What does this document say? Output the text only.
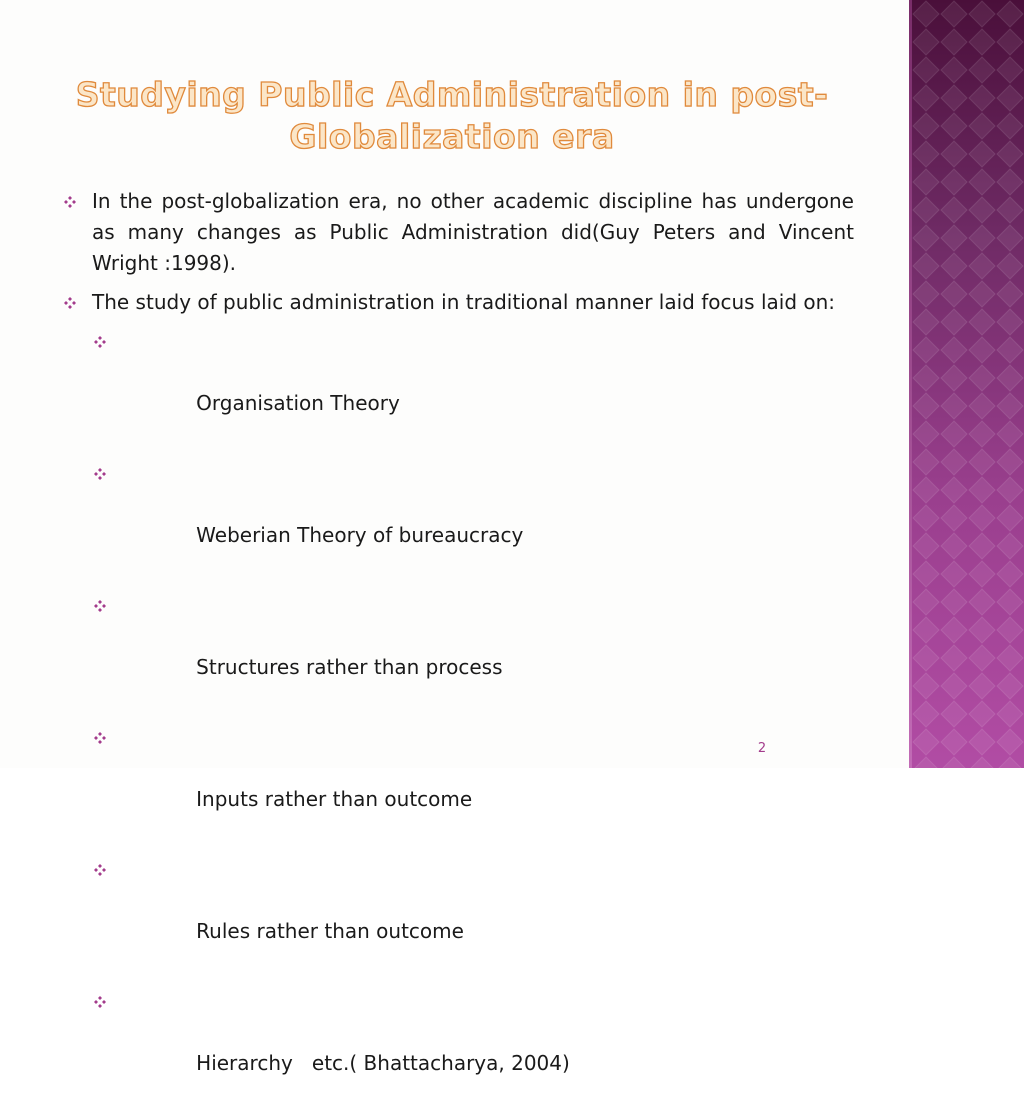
Studying Public Administration in post-Globalization era
In the post-globalization era, no other academic discipline has undergone as many changes as Public Administration did(Guy Peters and Vincent Wright :1998).
The study of public administration in traditional manner laid focus laid on:

Organisation Theory

Weberian Theory of bureaucracy

Structures rather than process

Inputs rather than outcome

Rules rather than outcome

Hierarchy   etc.( Bhattacharya, 2004)

2
